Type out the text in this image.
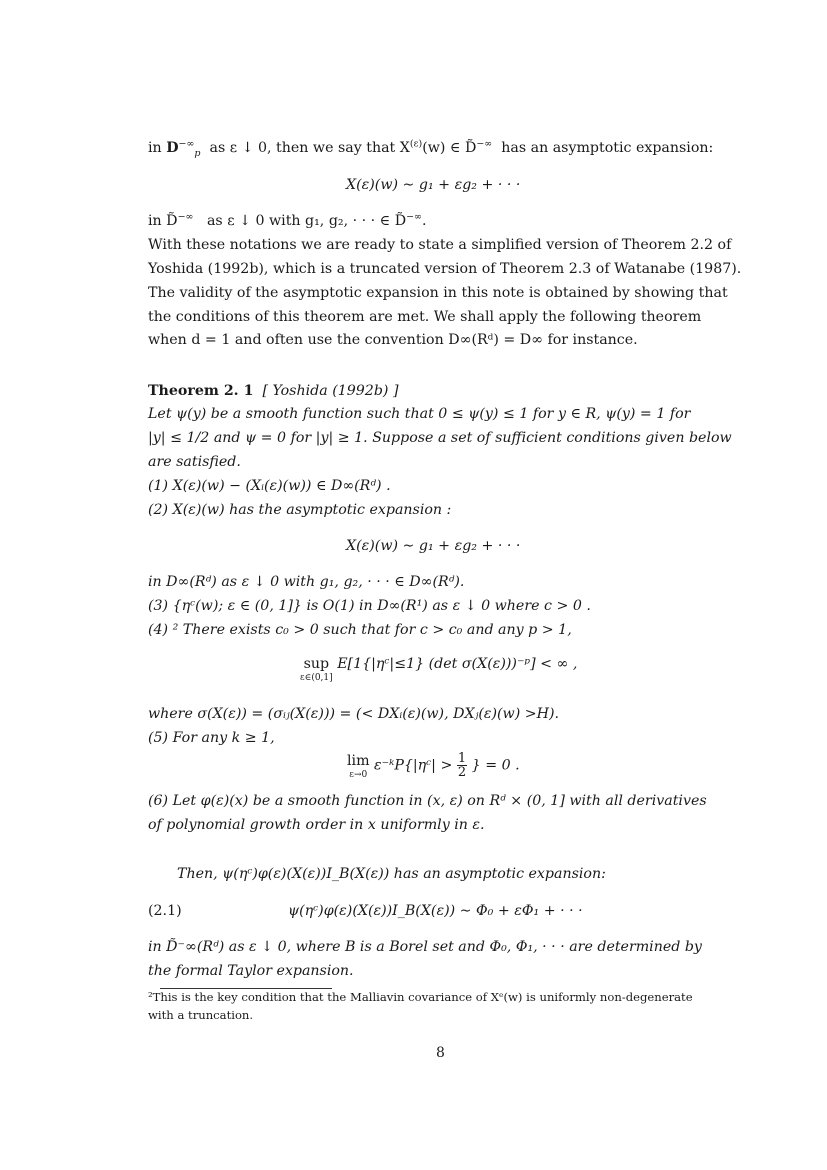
in $D^{-\infty}_p$ as ε ↓ 0, then we say that $X^{(\varepsilon)}(w)$ ∈ D̃−∞ has an asymptotic expansion:
X(ε)(w) ∼ g₁ + εg₂ + · · ·
in D̃−∞ as ε ↓ 0 with g₁, g₂, · · · ∈ D̃−∞.
With these notations we are ready to state a simplified version of Theorem 2.2 of
Yoshida (1992b), which is a truncated version of Theorem 2.3 of Watanabe (1987).
The validity of the asymptotic expansion in this note is obtained by showing that
the conditions of this theorem are met. We shall apply the following theorem
when d = 1 and often use the convention D∞(Rᵈ) = D∞ for instance.
Theorem 2. 1 [ Yoshida (1992b) ]
Let ψ(y) be a smooth function such that 0 ≤ ψ(y) ≤ 1 for y ∈ R, ψ(y) = 1 for
|y| ≤ 1/2 and ψ = 0 for |y| ≥ 1. Suppose a set of sufficient conditions given below
are satisfied.
(1) X(ε)(w) − (Xᵢ(ε)(w)) ∈ D∞(Rᵈ) .
(2) X(ε)(w) has the asymptotic expansion :
X(ε)(w) ∼ g₁ + εg₂ + · · ·
in D∞(Rᵈ) as ε ↓ 0 with g₁, g₂, · · · ∈ D∞(Rᵈ).
(3) {ηᶜ(w); ε ∈ (0, 1]} is O(1) in D∞(R¹) as ε ↓ 0 where c > 0 .
(4) ² There exists c₀ > 0 such that for c > c₀ and any p > 1,
sup
ε∈(0,1]
E[1{|ηᶜ|≤1} (det σ(X(ε)))⁻ᵖ] < ∞ ,
where σ(X(ε)) = (σᵢⱼ(X(ε))) = (< DXᵢ(ε)(w), DXⱼ(ε)(w) >H).
(5) For any k ≥ 1,
lim
ε→0
ε⁻ᵏP{|ηᶜ| > $\frac{1}{2}$ } = 0 .
(6) Let φ(ε)(x) be a smooth function in (x, ε) on Rᵈ × (0, 1] with all derivatives
of polynomial growth order in x uniformly in ε.
Then, ψ(ηᶜ)φ(ε)(X(ε))I_B(X(ε)) has an asymptotic expansion:
(2.1)	ψ(ηᶜ)φ(ε)(X(ε))I_B(X(ε)) ∼ Φ₀ + εΦ₁ + · · ·
in D̃⁻∞(Rᵈ) as ε ↓ 0, where B is a Borel set and Φ₀, Φ₁, · · · are determined by
the formal Taylor expansion.
²This is the key condition that the Malliavin covariance of Xᵉ(w) is uniformly non-degenerate
with a truncation.
8
